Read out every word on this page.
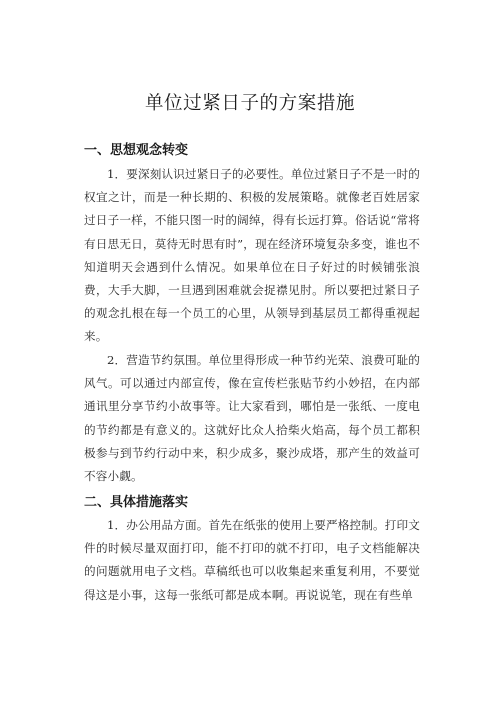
单位过紧日子的方案措施
一、思想观念转变
1．要深刻认识过紧日子的必要性。单位过紧日子不是一时的权宜之计，而是一种长期的、积极的发展策略。就像老百姓居家过日子一样，不能只图一时的阔绰，得有长远打算。俗话说“常将有日思无日，莫待无时思有时”，现在经济环境复杂多变，谁也不知道明天会遇到什么情况。如果单位在日子好过的时候铺张浪费，大手大脚，一旦遇到困难就会捉襟见肘。所以要把过紧日子的观念扎根在每一个员工的心里，从领导到基层员工都得重视起来。
2．营造节约氛围。单位里得形成一种节约光荣、浪费可耻的风气。可以通过内部宣传，像在宣传栏张贴节约小妙招，在内部通讯里分享节约小故事等。让大家看到，哪怕是一张纸、一度电的节约都是有意义的。这就好比众人拾柴火焰高，每个员工都积极参与到节约行动中来，积少成多，聚沙成塔，那产生的效益可不容小觑。
二、具体措施落实
1．办公用品方面。首先在纸张的使用上要严格控制。打印文件的时候尽量双面打印，能不打印的就不打印，电子文档能解决的问题就用电子文档。草稿纸也可以收集起来重复利用，不要觉得这是小事，这每一张纸可都是成本啊。再说说笔，现在有些单
